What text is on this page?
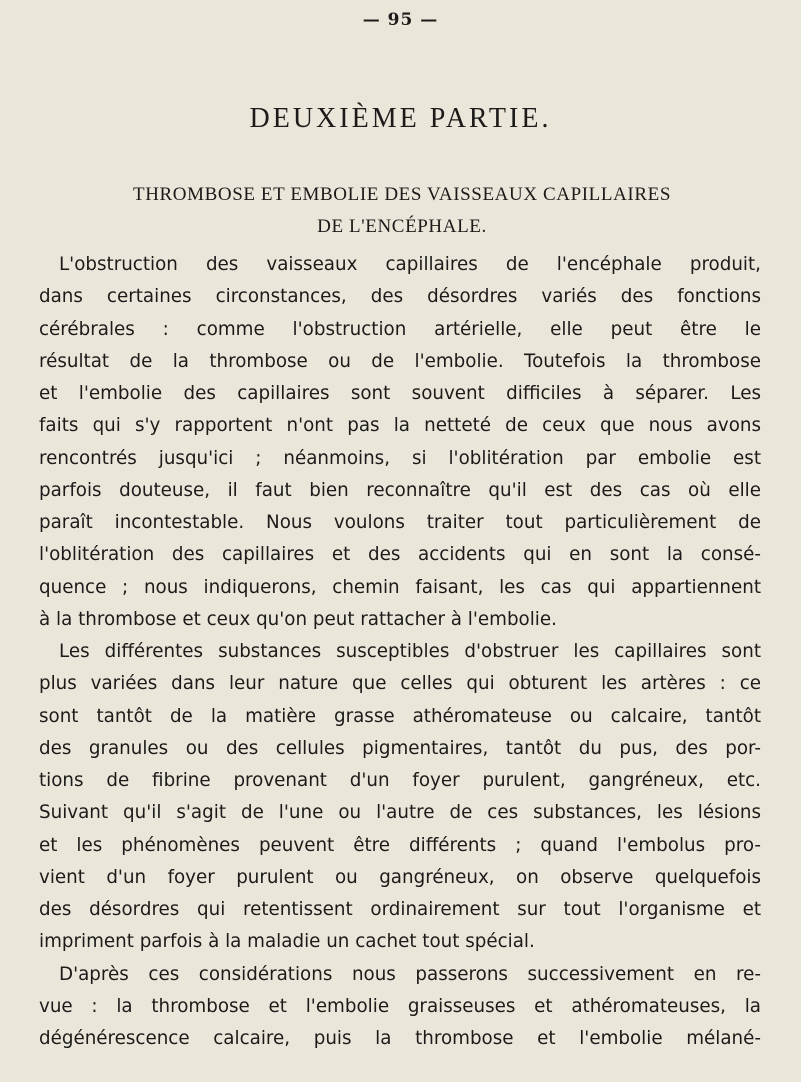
— 95 —
DEUXIÈME PARTIE.
THROMBOSE ET EMBOLIE DES VAISSEAUX CAPILLAIRES
DE L'ENCÉPHALE.
L'obstruction des vaisseaux capillaires de l'encéphale produit,
dans certaines circonstances, des désordres variés des fonctions
cérébrales : comme l'obstruction artérielle, elle peut être le
résultat de la thrombose ou de l'embolie. Toutefois la thrombose
et l'embolie des capillaires sont souvent difficiles à séparer. Les
faits qui s'y rapportent n'ont pas la netteté de ceux que nous avons
rencontrés jusqu'ici ; néanmoins, si l'oblitération par embolie est
parfois douteuse, il faut bien reconnaître qu'il est des cas où elle
paraît incontestable. Nous voulons traiter tout particulièrement de
l'oblitération des capillaires et des accidents qui en sont la consé-
quence ; nous indiquerons, chemin faisant, les cas qui appartiennent
à la thrombose et ceux qu'on peut rattacher à l'embolie.
Les différentes substances susceptibles d'obstruer les capillaires sont
plus variées dans leur nature que celles qui obturent les artères : ce
sont tantôt de la matière grasse athéromateuse ou calcaire, tantôt
des granules ou des cellules pigmentaires, tantôt du pus, des por-
tions de fibrine provenant d'un foyer purulent, gangréneux, etc.
Suivant qu'il s'agit de l'une ou l'autre de ces substances, les lésions
et les phénomènes peuvent être différents ; quand l'embolus pro-
vient d'un foyer purulent ou gangréneux, on observe quelquefois
des désordres qui retentissent ordinairement sur tout l'organisme et
impriment parfois à la maladie un cachet tout spécial.
D'après ces considérations nous passerons successivement en re-
vue : la thrombose et l'embolie graisseuses et athéromateuses, la
dégénérescence calcaire, puis la thrombose et l'embolie mélané-
